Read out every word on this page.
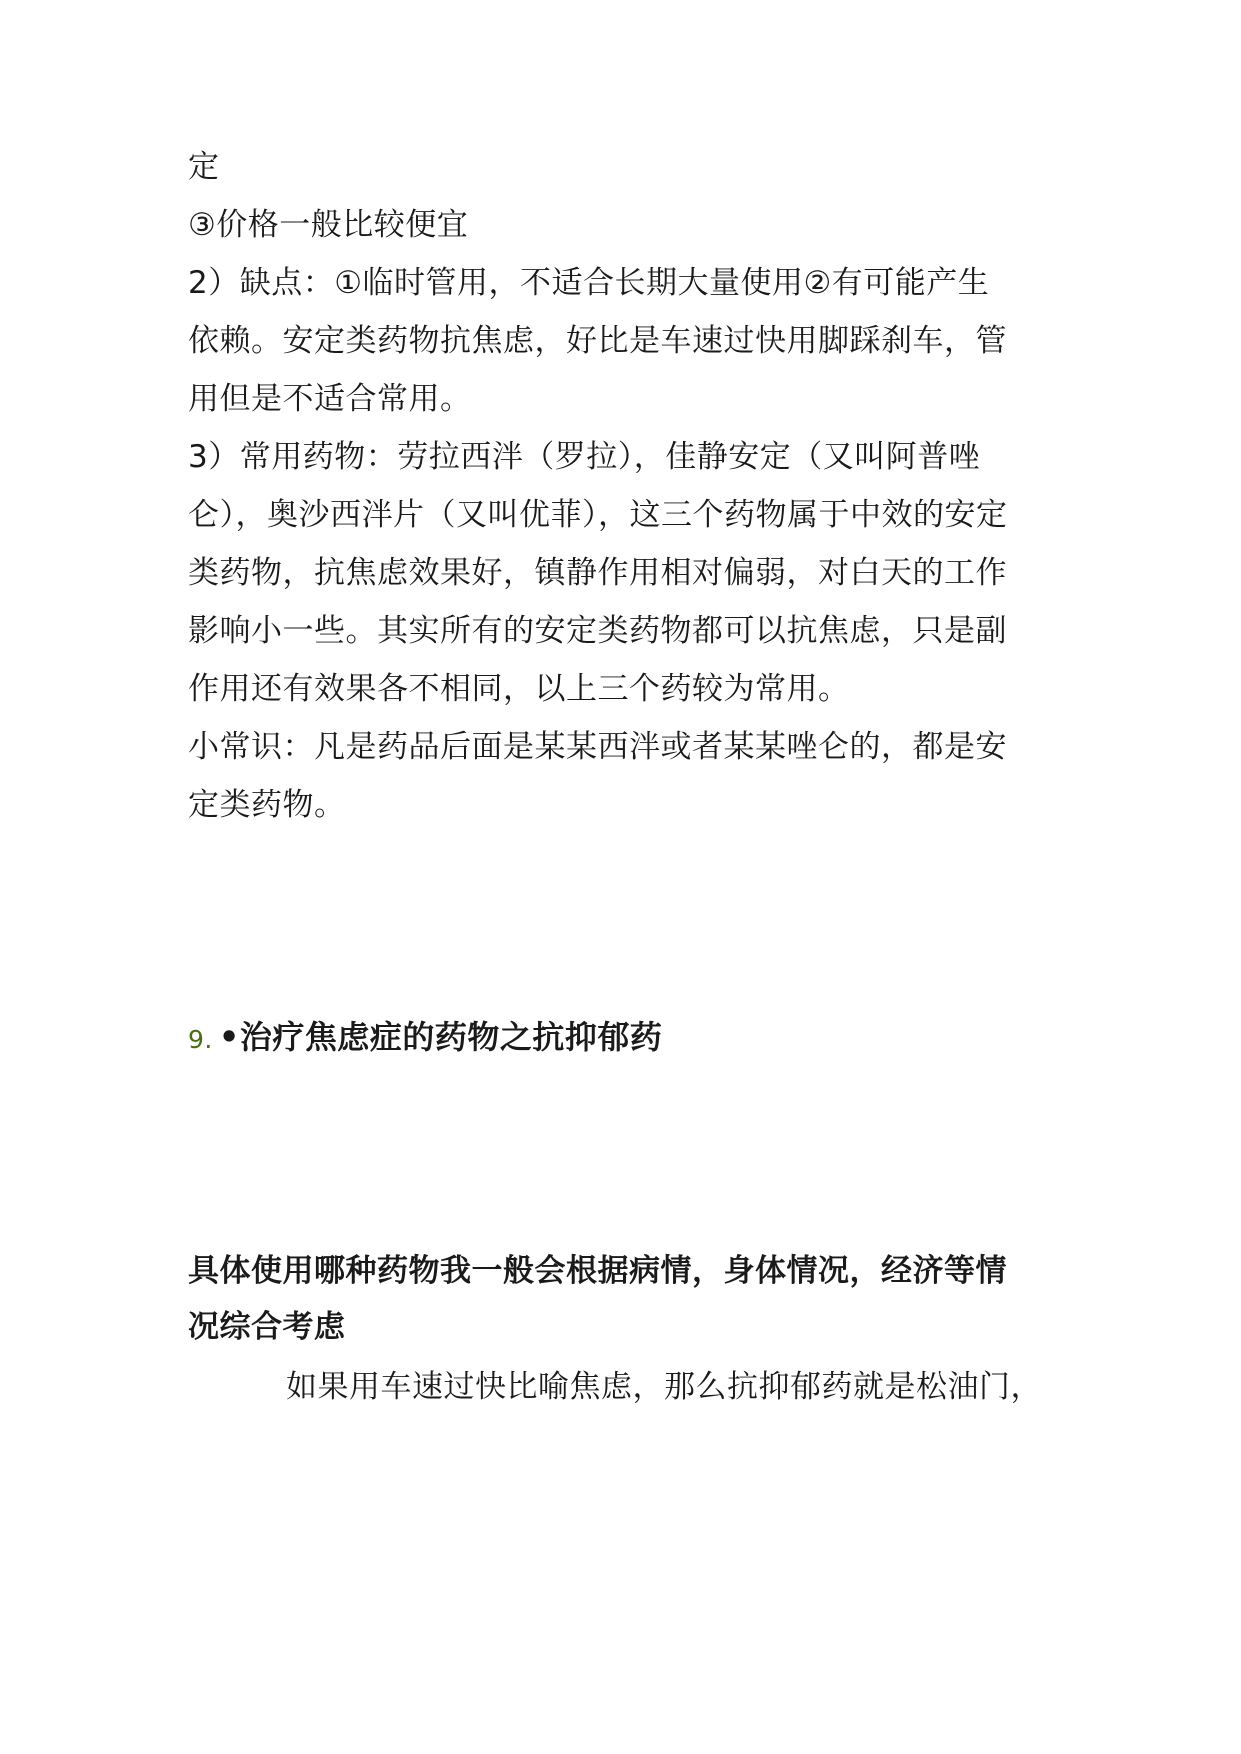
定
③价格一般比较便宜
2）缺点：①临时管用，不适合长期大量使用②有可能产生
依赖。安定类药物抗焦虑，好比是车速过快用脚踩刹车，管
用但是不适合常用。
3）常用药物：劳拉西泮（罗拉），佳静安定（又叫阿普唑
仑），奥沙西泮片（又叫优菲），这三个药物属于中效的安定
类药物，抗焦虑效果好，镇静作用相对偏弱，对白天的工作
影响小一些。其实所有的安定类药物都可以抗焦虑，只是副
作用还有效果各不相同，以上三个药较为常用。
小常识：凡是药品后面是某某西泮或者某某唑仑的，都是安
定类药物。
9. •治疗焦虑症的药物之抗抑郁药
具体使用哪种药物我一般会根据病情，身体情况，经济等情
况综合考虑
如果用车速过快比喻焦虑，那么抗抑郁药就是松油门，
